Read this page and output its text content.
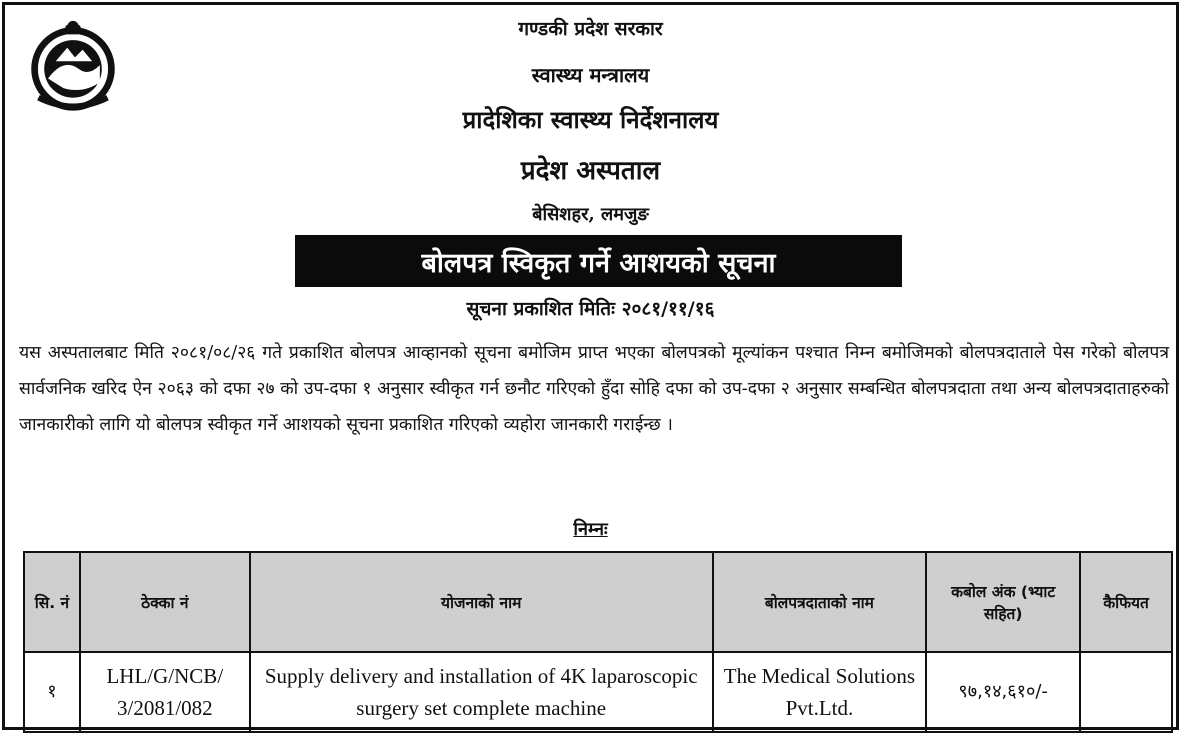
गण्डकी प्रदेश सरकार
स्वास्थ्य मन्त्रालय
प्रादेशिका स्वास्थ्य निर्देशनालय
प्रदेश अस्पताल
बेसिशहर, लमजुङ
बोलपत्र स्विकृत गर्ने आशयको सूचना
सूचना प्रकाशित मितिः २०८१/११/१६
यस अस्पतालबाट मिति २०८१/०८/२६ गते प्रकाशित बोलपत्र आव्हानको सूचना बमोजिम प्राप्त भएका बोलपत्रको मूल्यांकन पश्चात निम्न बमोजिमको बोलपत्रदाताले पेस गरेको बोलपत्र सार्वजनिक खरिद ऐन २०६३ को दफा २७ को उप-दफा १ अनुसार स्वीकृत गर्न छनौट गरिएको हुँदा सोहि दफा को उप-दफा २ अनुसार सम्बन्धित बोलपत्रदाता तथा अन्य बोलपत्रदाताहरुको जानकारीको लागि यो बोलपत्र स्वीकृत गर्ने आशयको सूचना प्रकाशित गरिएको व्यहोरा जानकारी गराईन्छ ।
निम्नः
सि. नं	ठेक्का नं	योजनाको नाम	बोलपत्रदाताको नाम	कबोल अंक (भ्याट सहित)	कैफियत
१	LHL/G/NCB/ 3/2081/082	Supply delivery and installation of 4K laparoscopic surgery set complete machine	The Medical Solutions Pvt.Ltd.	९७,१४,६१०/-	
